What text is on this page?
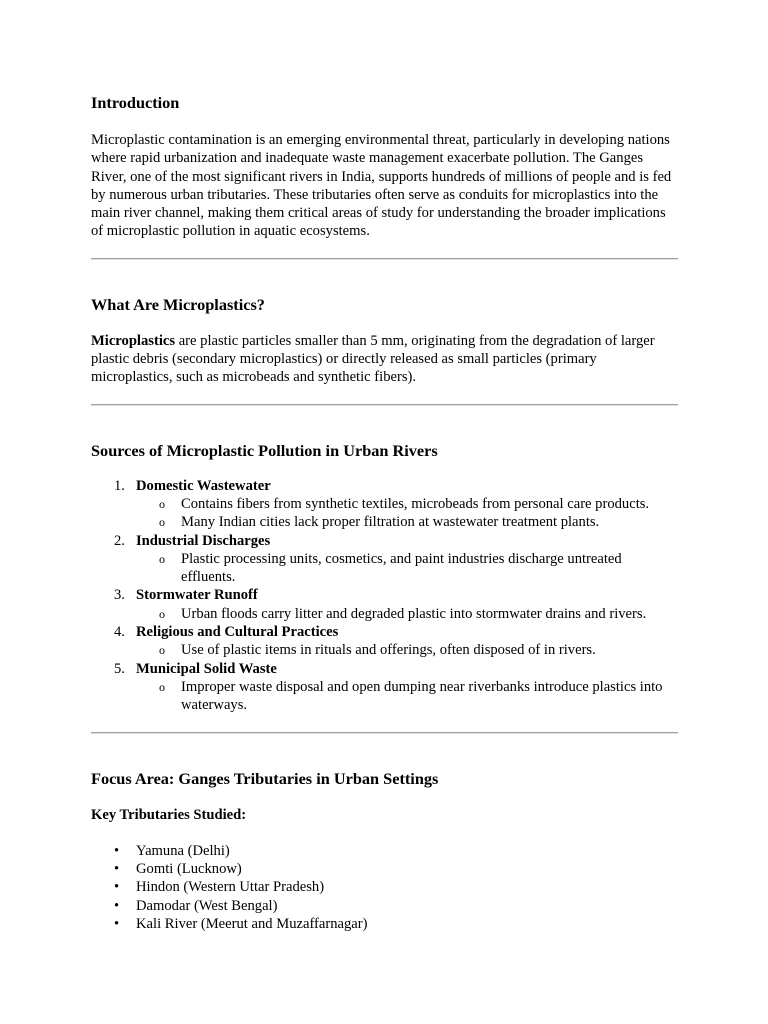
Introduction

Microplastic contamination is an emerging environmental threat, particularly in developing nations where rapid urbanization and inadequate waste management exacerbate pollution. The Ganges River, one of the most significant rivers in India, supports hundreds of millions of people and is fed by numerous urban tributaries. These tributaries often serve as conduits for microplastics into the main river channel, making them critical areas of study for understanding the broader implications of microplastic pollution in aquatic ecosystems.

What Are Microplastics?

Microplastics are plastic particles smaller than 5 mm, originating from the degradation of larger plastic debris (secondary microplastics) or directly released as small particles (primary microplastics, such as microbeads and synthetic fibers).

Sources of Microplastic Pollution in Urban Rivers
1. Domestic Wastewater
o Contains fibers from synthetic textiles, microbeads from personal care products.
o Many Indian cities lack proper filtration at wastewater treatment plants.
2. Industrial Discharges
o Plastic processing units, cosmetics, and paint industries discharge untreated effluents.
3. Stormwater Runoff
o Urban floods carry litter and degraded plastic into stormwater drains and rivers.
4. Religious and Cultural Practices
o Use of plastic items in rituals and offerings, often disposed of in rivers.
5. Municipal Solid Waste
o Improper waste disposal and open dumping near riverbanks introduce plastics into waterways.
Focus Area: Ganges Tributaries in Urban Settings

Key Tributaries Studied:

• Yamuna (Delhi)
• Gomti (Lucknow)
• Hindon (Western Uttar Pradesh)
• Damodar (West Bengal)
• Kali River (Meerut and Muzaffarnagar)
